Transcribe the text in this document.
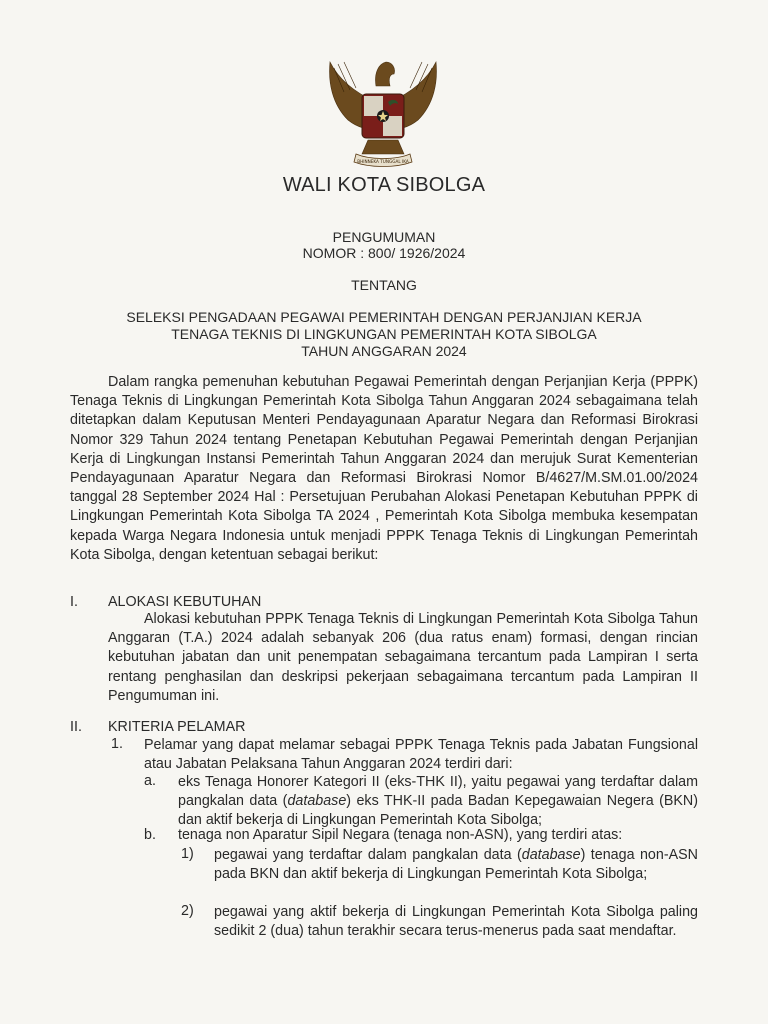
BHINNEKA TUNGGAL IKA
WALI KOTA SIBOLGA
PENGUMUMAN
NOMOR : 800/ 1926/2024
TENTANG
SELEKSI PENGADAAN PEGAWAI PEMERINTAH DENGAN PERJANJIAN KERJA
TENAGA TEKNIS DI LINGKUNGAN PEMERINTAH KOTA SIBOLGA
TAHUN ANGGARAN 2024
Dalam rangka pemenuhan kebutuhan Pegawai Pemerintah dengan Perjanjian Kerja (PPPK) Tenaga Teknis di Lingkungan Pemerintah Kota Sibolga Tahun Anggaran 2024 sebagaimana telah ditetapkan dalam Keputusan Menteri Pendayagunaan Aparatur Negara dan Reformasi Birokrasi Nomor 329 Tahun 2024 tentang Penetapan Kebutuhan Pegawai Pemerintah dengan Perjanjian Kerja di Lingkungan Instansi Pemerintah Tahun Anggaran 2024 dan merujuk Surat Kementerian Pendayagunaan Aparatur Negara dan Reformasi Birokrasi Nomor B/4627/M.SM.01.00/2024 tanggal 28 September 2024 Hal : Persetujuan Perubahan Alokasi Penetapan Kebutuhan PPPK di Lingkungan Pemerintah Kota Sibolga TA 2024 , Pemerintah Kota Sibolga membuka kesempatan kepada Warga Negara Indonesia untuk menjadi PPPK Tenaga Teknis di Lingkungan Pemerintah Kota Sibolga, dengan ketentuan sebagai berikut:
I. ALOKASI KEBUTUHAN
Alokasi kebutuhan PPPK Tenaga Teknis di Lingkungan Pemerintah Kota Sibolga Tahun Anggaran (T.A.) 2024 adalah sebanyak 206 (dua ratus enam) formasi, dengan rincian kebutuhan jabatan dan unit penempatan sebagaimana tercantum pada Lampiran I serta rentang penghasilan dan deskripsi pekerjaan sebagaimana tercantum pada Lampiran II Pengumuman ini.
II. KRITERIA PELAMAR
1. Pelamar yang dapat melamar sebagai PPPK Tenaga Teknis pada Jabatan Fungsional atau Jabatan Pelaksana Tahun Anggaran 2024 terdiri dari:
a. eks Tenaga Honorer Kategori II (eks-THK II), yaitu pegawai yang terdaftar dalam pangkalan data (database) eks THK-II pada Badan Kepegawaian Negera (BKN) dan aktif bekerja di Lingkungan Pemerintah Kota Sibolga;
b. tenaga non Aparatur Sipil Negara (tenaga non-ASN), yang terdiri atas:
1) pegawai yang terdaftar dalam pangkalan data (database) tenaga non-ASN pada BKN dan aktif bekerja di Lingkungan Pemerintah Kota Sibolga;
2) pegawai yang aktif bekerja di Lingkungan Pemerintah Kota Sibolga paling sedikit 2 (dua) tahun terakhir secara terus-menerus pada saat mendaftar.
